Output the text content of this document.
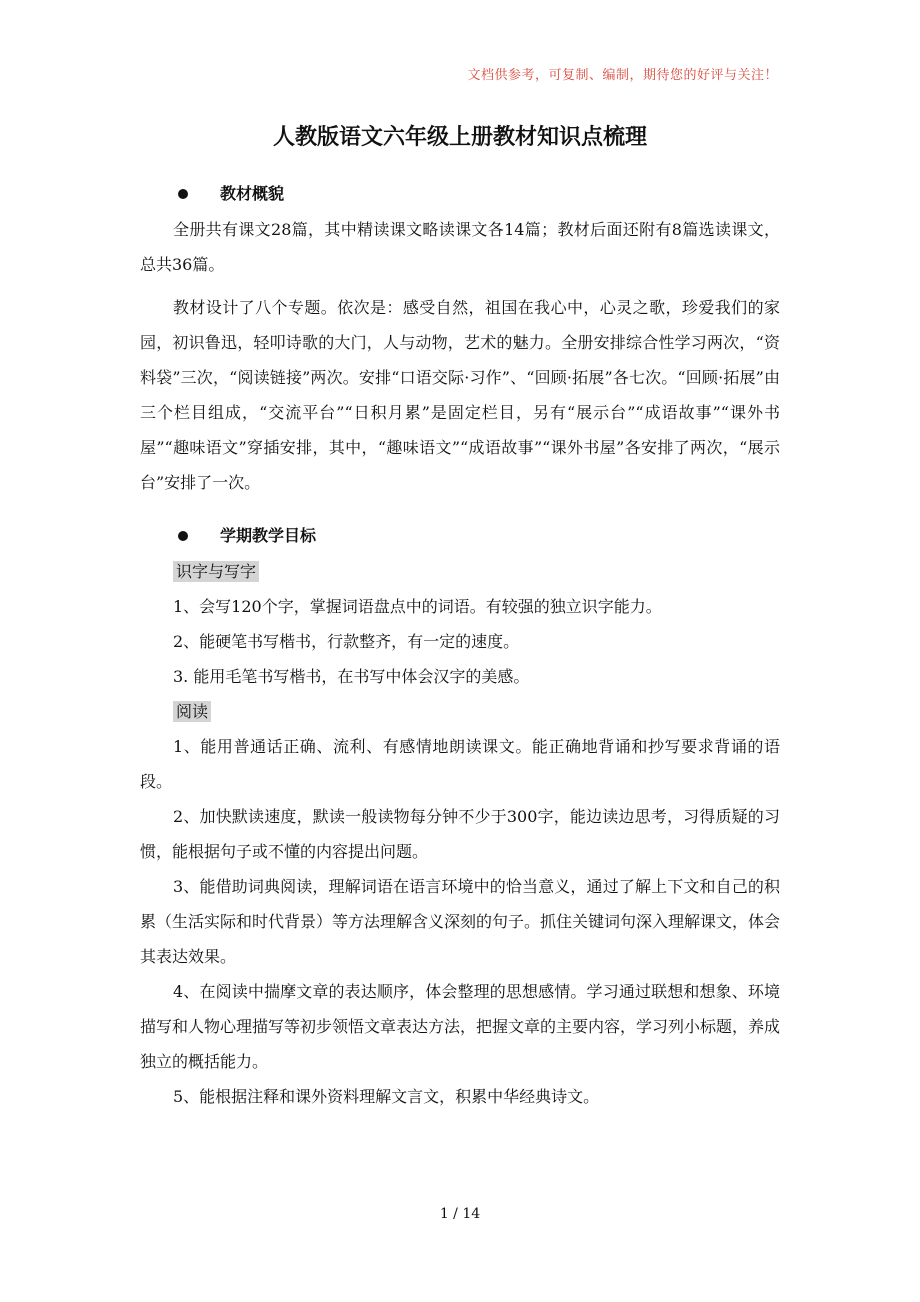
文档供参考，可复制、编制，期待您的好评与关注！
人教版语文六年级上册教材知识点梳理
教材概貌

全册共有课文28篇，其中精读课文略读课文各14篇；教材后面还附有8篇选读课文，总共36篇。

教材设计了八个专题。依次是：感受自然，祖国在我心中，心灵之歌，珍爱我们的家园，初识鲁迅，轻叩诗歌的大门，人与动物，艺术的魅力。全册安排综合性学习两次，“资料袋”三次，“阅读链接”两次。安排“口语交际·习作”、“回顾·拓展”各七次。“回顾·拓展”由三个栏目组成，“交流平台”“日积月累”是固定栏目，另有“展示台”“成语故事”“课外书屋”“趣味语文”穿插安排，其中，“趣味语文”“成语故事”“课外书屋”各安排了两次，“展示台”安排了一次。

学期教学目标
识字与写字

1、会写120个字，掌握词语盘点中的词语。有较强的独立识字能力。

2、能硬笔书写楷书，行款整齐，有一定的速度。

3. 能用毛笔书写楷书，在书写中体会汉字的美感。

阅读

1、能用普通话正确、流利、有感情地朗读课文。能正确地背诵和抄写要求背诵的语段。

2、加快默读速度，默读一般读物每分钟不少于300字，能边读边思考，习得质疑的习惯，能根据句子或不懂的内容提出问题。

3、能借助词典阅读，理解词语在语言环境中的恰当意义，通过了解上下文和自己的积累（生活实际和时代背景）等方法理解含义深刻的句子。抓住关键词句深入理解课文，体会其表达效果。

4、在阅读中揣摩文章的表达顺序，体会整理的思想感情。学习通过联想和想象、环境描写和人物心理描写等初步领悟文章表达方法，把握文章的主要内容，学习列小标题，养成独立的概括能力。

5、能根据注释和课外资料理解文言文，积累中华经典诗文。

1 / 14
